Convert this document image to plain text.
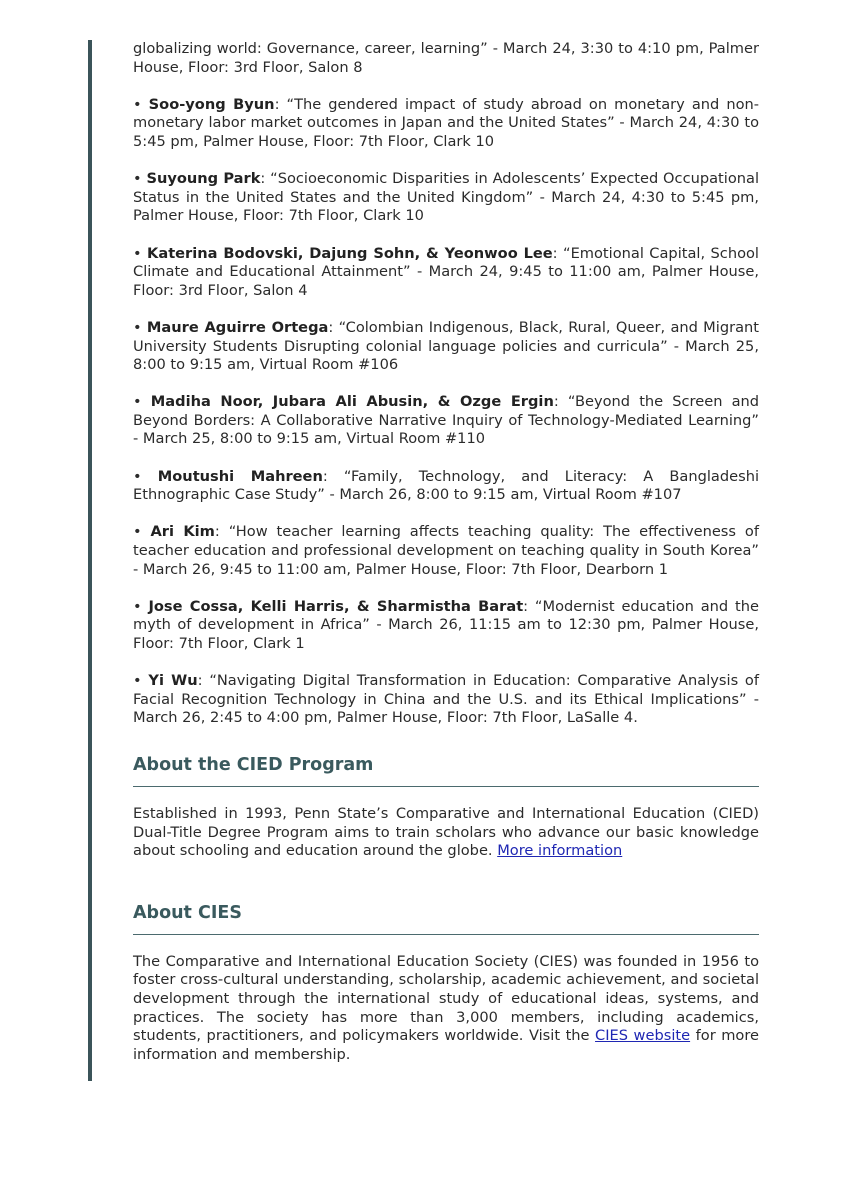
globalizing world: Governance, career, learning” - March 24, 3:30 to 4:10 pm, Palmer House, Floor: 3rd Floor, Salon 8

• Soo-yong Byun: “The gendered impact of study abroad on monetary and non-monetary labor market outcomes in Japan and the United States” - March 24, 4:30 to 5:45 pm, Palmer House, Floor: 7th Floor, Clark 10

• Suyoung Park: “Socioeconomic Disparities in Adolescents’ Expected Occupational Status in the United States and the United Kingdom” - March 24, 4:30 to 5:45 pm, Palmer House, Floor: 7th Floor, Clark 10

• Katerina Bodovski, Dajung Sohn, & Yeonwoo Lee: “Emotional Capital, School Climate and Educational Attainment” - March 24, 9:45 to 11:00 am, Palmer House, Floor: 3rd Floor, Salon 4

• Maure Aguirre Ortega: “Colombian Indigenous, Black, Rural, Queer, and Migrant University Students Disrupting colonial language policies and curricula” - March 25, 8:00 to 9:15 am, Virtual Room #106

• Madiha Noor, Jubara Ali Abusin, & Ozge Ergin: “Beyond the Screen and Beyond Borders: A Collaborative Narrative Inquiry of Technology-Mediated Learning” - March 25, 8:00 to 9:15 am, Virtual Room #110

• Moutushi Mahreen: “Family, Technology, and Literacy: A Bangladeshi Ethnographic Case Study” - March 26, 8:00 to 9:15 am, Virtual Room #107

• Ari Kim: “How teacher learning affects teaching quality: The effectiveness of teacher education and professional development on teaching quality in South Korea” - March 26, 9:45 to 11:00 am, Palmer House, Floor: 7th Floor, Dearborn 1

• Jose Cossa, Kelli Harris, & Sharmistha Barat: “Modernist education and the myth of development in Africa” - March 26, 11:15 am to 12:30 pm, Palmer House, Floor: 7th Floor, Clark 1

• Yi Wu: “Navigating Digital Transformation in Education: Comparative Analysis of Facial Recognition Technology in China and the U.S. and its Ethical Implications” - March 26, 2:45 to 4:00 pm, Palmer House, Floor: 7th Floor, LaSalle 4.

About the CIED Program

Established in 1993, Penn State’s Comparative and International Education (CIED) Dual-Title Degree Program aims to train scholars who advance our basic knowledge about schooling and education around the globe. More information

About CIES

The Comparative and International Education Society (CIES) was founded in 1956 to foster cross-cultural understanding, scholarship, academic achievement, and societal development through the international study of educational ideas, systems, and practices. The society has more than 3,000 members, including academics, students, practitioners, and policymakers worldwide. Visit the CIES website for more information and membership.
